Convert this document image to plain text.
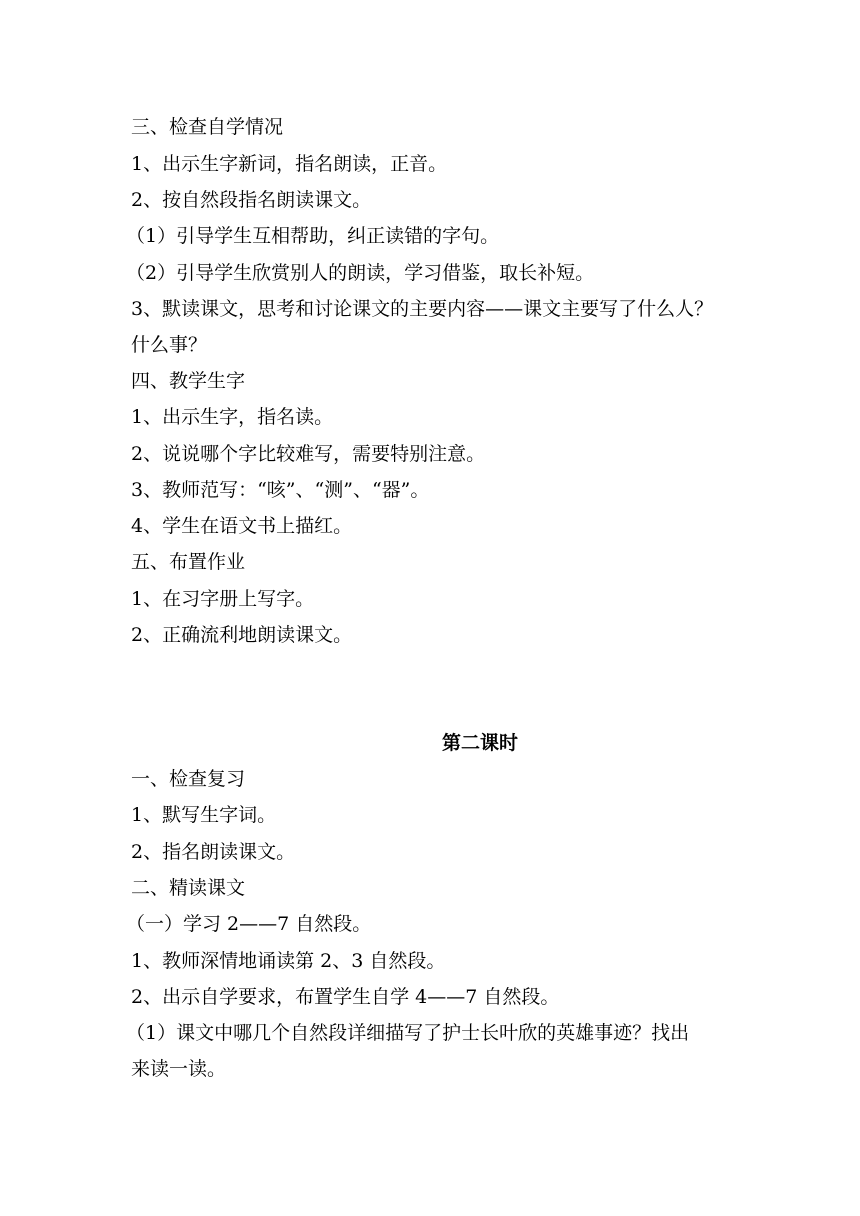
三、检查自学情况
1、出示生字新词，指名朗读，正音。
2、按自然段指名朗读课文。
（1）引导学生互相帮助，纠正读错的字句。
（2）引导学生欣赏别人的朗读，学习借鉴，取长补短。
3、默读课文，思考和讨论课文的主要内容——课文主要写了什么人？
什么事？
四、教学生字
1、出示生字，指名读。
2、说说哪个字比较难写，需要特别注意。
3、教师范写：“咳”、“测”、“器”。
4、学生在语文书上描红。
五、布置作业
1、在习字册上写字。
2、正确流利地朗读课文。
第二课时
一、检查复习
1、默写生字词。
2、指名朗读课文。
二、精读课文
（一）学习 2——7 自然段。
1、教师深情地诵读第 2、3 自然段。
2、出示自学要求，布置学生自学 4——7 自然段。
（1）课文中哪几个自然段详细描写了护士长叶欣的英雄事迹？找出
来读一读。
